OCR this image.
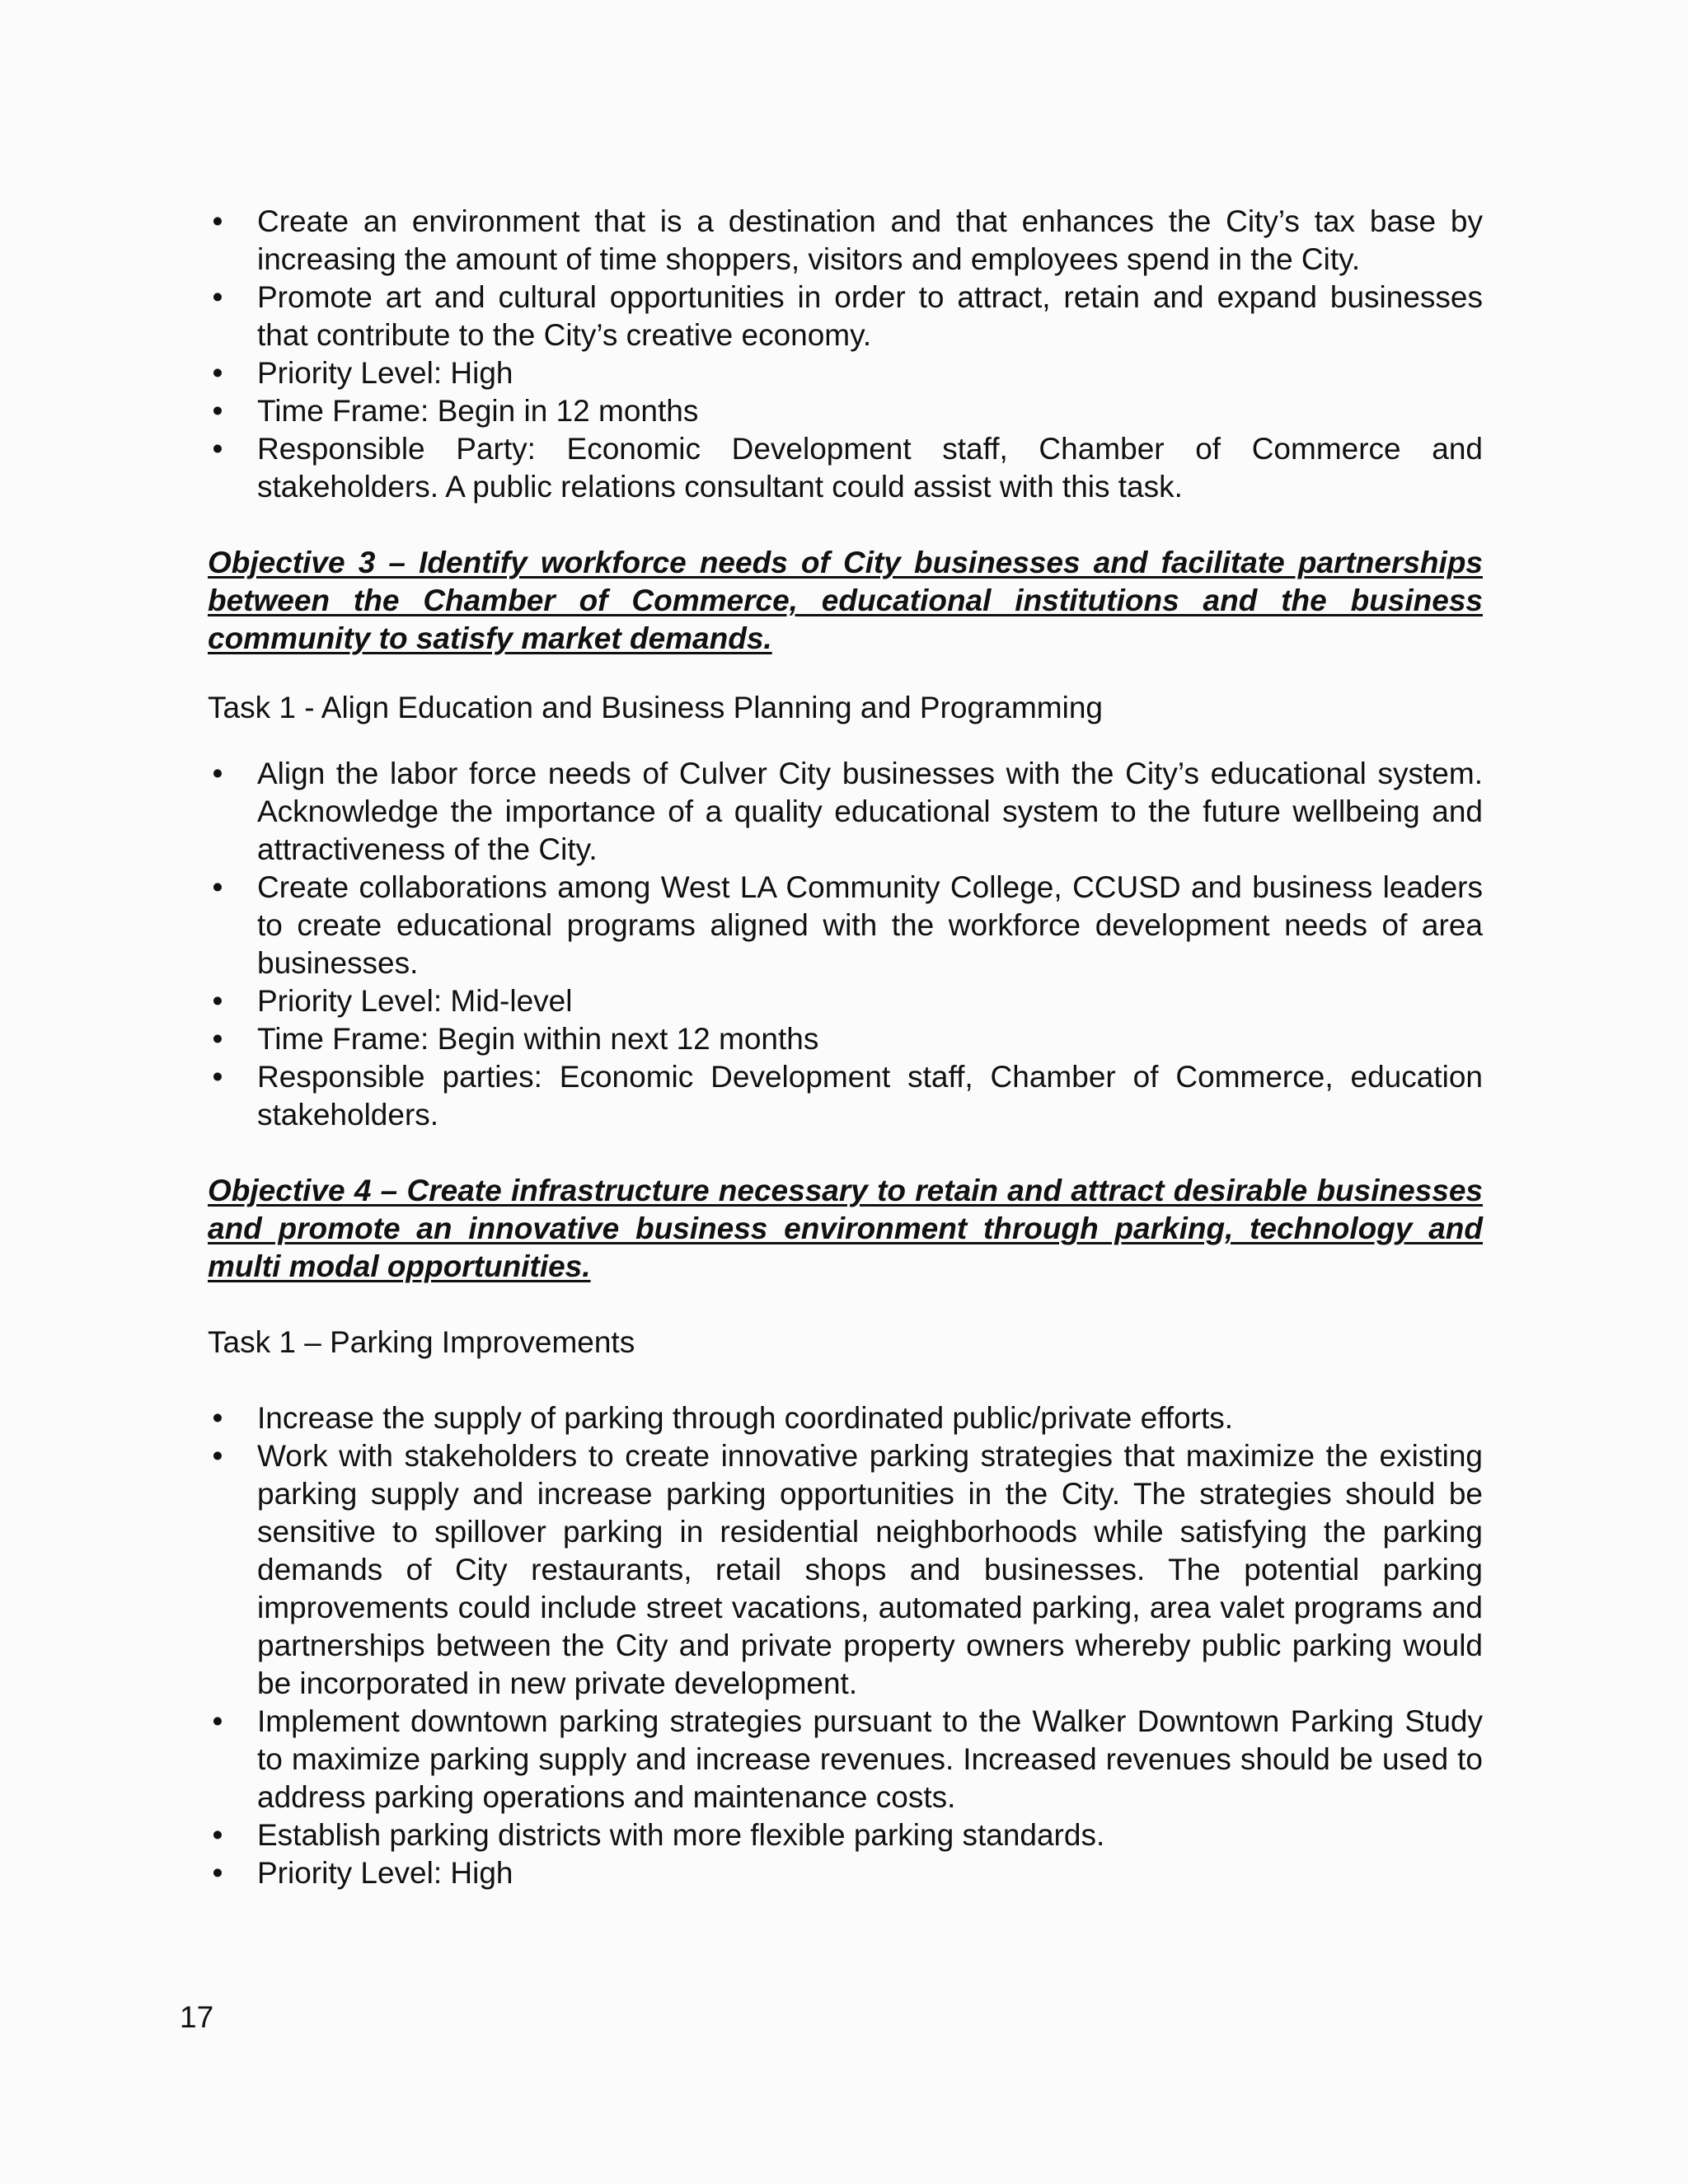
• Create an environment that is a destination and that enhances the City’s tax base by increasing the amount of time shoppers, visitors and employees spend in the City.
• Promote art and cultural opportunities in order to attract, retain and expand businesses that contribute to the City’s creative economy.
• Priority Level: High
• Time Frame: Begin in 12 months
• Responsible Party: Economic Development staff, Chamber of Commerce and stakeholders. A public relations consultant could assist with this task.
Objective 3 – Identify workforce needs of City businesses and facilitate partnerships between the Chamber of Commerce, educational institutions and the business community to satisfy market demands.

Task 1 - Align Education and Business Planning and Programming

• Align the labor force needs of Culver City businesses with the City’s educational system. Acknowledge the importance of a quality educational system to the future wellbeing and attractiveness of the City.
• Create collaborations among West LA Community College, CCUSD and business leaders to create educational programs aligned with the workforce development needs of area businesses.
• Priority Level: Mid-level
• Time Frame: Begin within next 12 months
• Responsible parties: Economic Development staff, Chamber of Commerce, education stakeholders.
Objective 4 – Create infrastructure necessary to retain and attract desirable businesses and promote an innovative business environment through parking, technology and multi modal opportunities.

Task 1 – Parking Improvements

• Increase the supply of parking through coordinated public/private efforts.
• Work with stakeholders to create innovative parking strategies that maximize the existing parking supply and increase parking opportunities in the City. The strategies should be sensitive to spillover parking in residential neighborhoods while satisfying the parking demands of City restaurants, retail shops and businesses. The potential parking improvements could include street vacations, automated parking, area valet programs and partnerships between the City and private property owners whereby public parking would be incorporated in new private development.
• Implement downtown parking strategies pursuant to the Walker Downtown Parking Study to maximize parking supply and increase revenues. Increased revenues should be used to address parking operations and maintenance costs.
• Establish parking districts with more flexible parking standards.
• Priority Level: High
17
